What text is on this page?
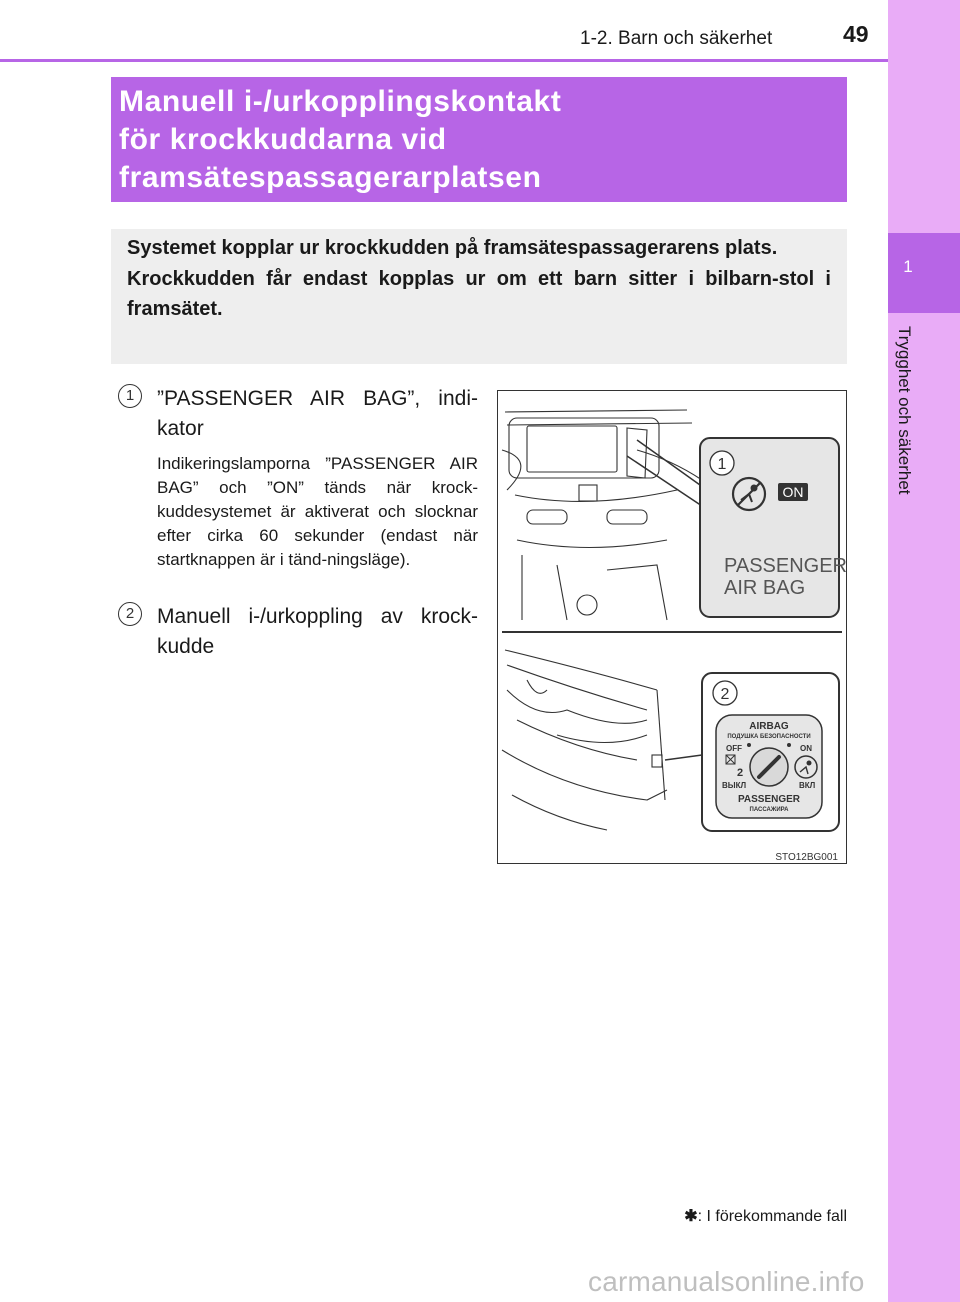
1
Trygghet och säkerhet
1-2. Barn och säkerhet	49
Manuell i-/urkopplingskontakt
för krockkuddarna vid
framsätespassagerarplatsen

Systemet kopplar ur krockkudden på framsätespassagerarens plats.

Krockkudden får endast kopplas ur om ett barn sitter i bilbarn-stol i framsätet.

1	”PASSENGER AIR BAG”, indi-kator

Indikeringslamporna ”PASSENGER AIR BAG” och ”ON” tänds när krock-kuddesystemet är aktiverat och slocknar efter cirka 60 sekunder (endast när startknappen är i tänd-ningsläge).

2	Manuell i-/urkoppling av krock-kudde
1
ON
PASSENGER
AIR BAG
2
AIRBAG
ПОДУШКА БЕЗОПАСНОСТИ
OFF	ON
2
ВЫКЛ	ВКЛ
PASSENGER
ПАССАЖИРА
STO12BG001
✱: I förekommande fall
carmanualsonline.info
